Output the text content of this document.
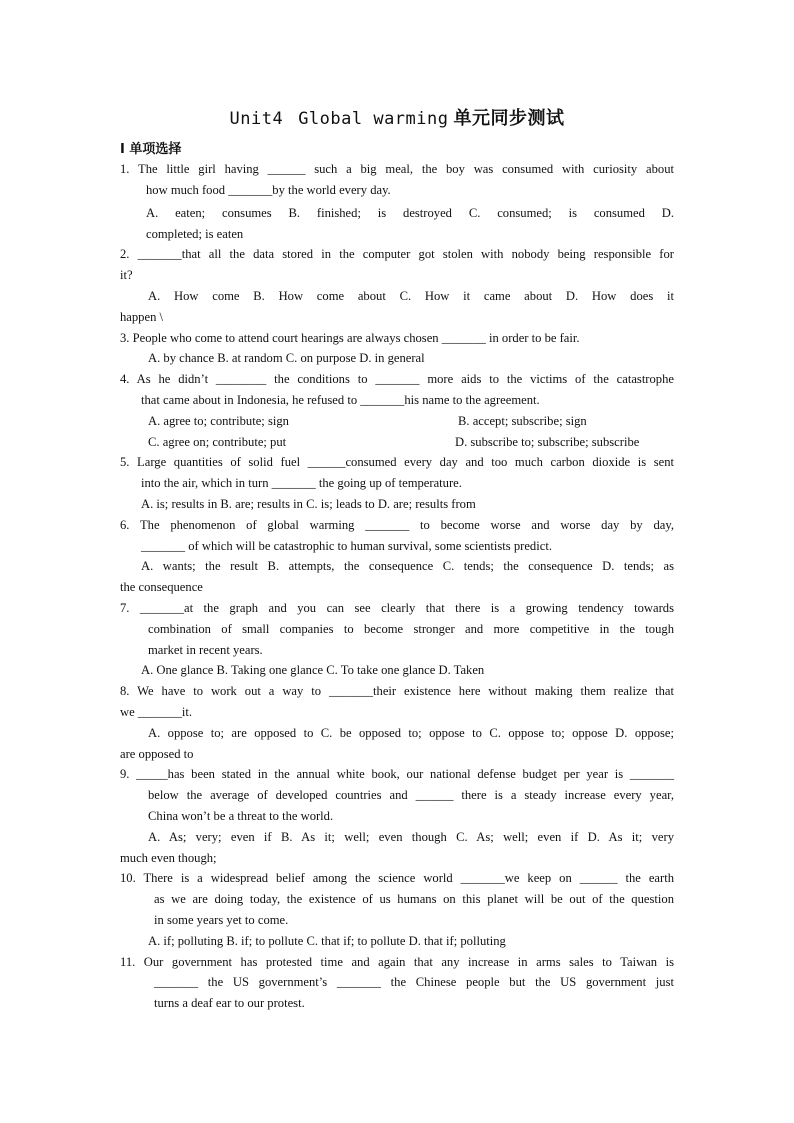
Unit4 Global warming 单元同步测试
I 单项选择
1. The little girl having ______ such a big meal, the boy was consumed with curiosity about
how much food _______by the world every day.
A. eaten; consumes B. finished; is destroyed C. consumed; is consumed D.
completed; is eaten
2. _______that all the data stored in the computer got stolen with nobody being responsible for
it?
A. How come B. How come about C. How it came about D. How does it
happen \
3. People who come to attend court hearings are always chosen _______ in order to be fair.
A. by chance B. at random C. on purpose D. in general
4. As he didn’t ________ the conditions to _______ more aids to the victims of the catastrophe
that came about in Indonesia, he refused to _______his name to the agreement.
A. agree to; contribute; sign	B. accept; subscribe; sign
C. agree on; contribute; put	D. subscribe to; subscribe; subscribe
5. Large quantities of solid fuel ______consumed every day and too much carbon dioxide is sent
into the air, which in turn _______ the going up of temperature.
A. is; results in B. are; results in C. is; leads to D. are; results from
6. The phenomenon of global warming _______ to become worse and worse day by day,
_______ of which will be catastrophic to human survival, some scientists predict.
A. wants; the result B. attempts, the consequence C. tends; the consequence D. tends; as
the consequence
7. _______at the graph and you can see clearly that there is a growing tendency towards
combination of small companies to become stronger and more competitive in the tough
market in recent years.
A. One glance B. Taking one glance C. To take one glance D. Taken
8. We have to work out a way to _______their existence here without making them realize that
we _______it.
A. oppose to; are opposed to C. be opposed to; oppose to C. oppose to; oppose D. oppose;
are opposed to
9. _____has been stated in the annual white book, our national defense budget per year is _______
below the average of developed countries and ______ there is a steady increase every year,
China won’t be a threat to the world.
A. As; very; even if B. As it; well; even though C. As; well; even if D. As it; very
much even though;
10. There is a widespread belief among the science world _______we keep on ______ the earth
as we are doing today, the existence of us humans on this planet will be out of the question
in some years yet to come.
A. if; polluting B. if; to pollute C. that if; to pollute D. that if; polluting
11. Our government has protested time and again that any increase in arms sales to Taiwan is
_______ the US government’s _______ the Chinese people but the US government just
turns a deaf ear to our protest.
